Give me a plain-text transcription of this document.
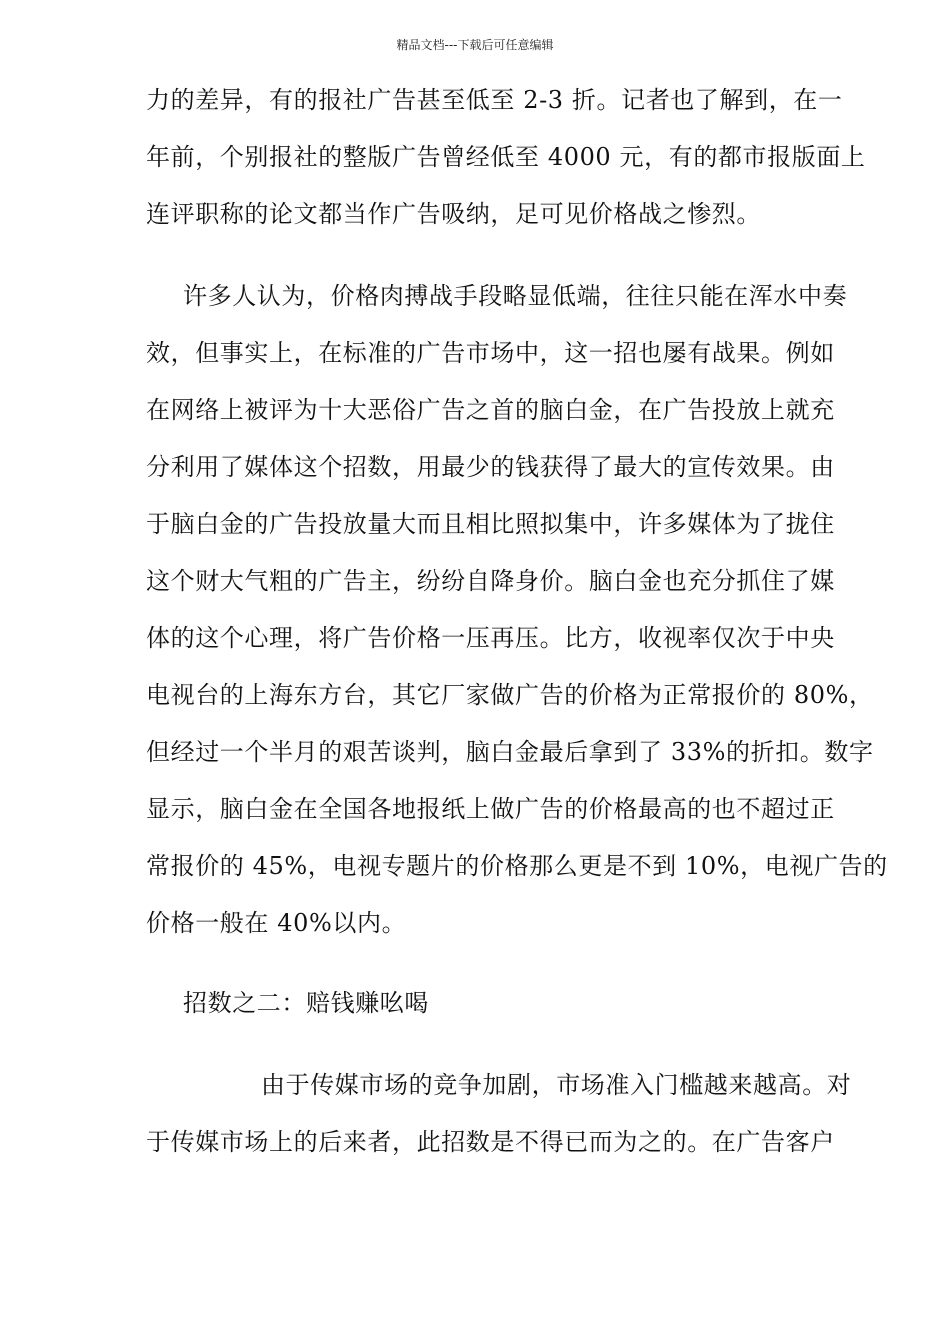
精品文档---下载后可任意编辑
力的差异，有的报社广告甚至低至 2-3 折。记者也了解到，在一
年前，个别报社的整版广告曾经低至 4000 元，有的都市报版面上
连评职称的论文都当作广告吸纳，足可见价格战之惨烈。
许多人认为，价格肉搏战手段略显低端，往往只能在浑水中奏
效，但事实上，在标准的广告市场中，这一招也屡有战果。例如
在网络上被评为十大恶俗广告之首的脑白金，在广告投放上就充
分利用了媒体这个招数，用最少的钱获得了最大的宣传效果。由
于脑白金的广告投放量大而且相比照拟集中，许多媒体为了拢住
这个财大气粗的广告主，纷纷自降身价。脑白金也充分抓住了媒
体的这个心理，将广告价格一压再压。比方，收视率仅次于中央
电视台的上海东方台，其它厂家做广告的价格为正常报价的 80%，
但经过一个半月的艰苦谈判，脑白金最后拿到了 33%的折扣。数字
显示，脑白金在全国各地报纸上做广告的价格最高的也不超过正
常报价的 45%，电视专题片的价格那么更是不到 10%，电视广告的
价格一般在 40%以内。
招数之二：赔钱赚吆喝
由于传媒市场的竞争加剧，市场准入门槛越来越高。对
于传媒市场上的后来者，此招数是不得已而为之的。在广告客户
